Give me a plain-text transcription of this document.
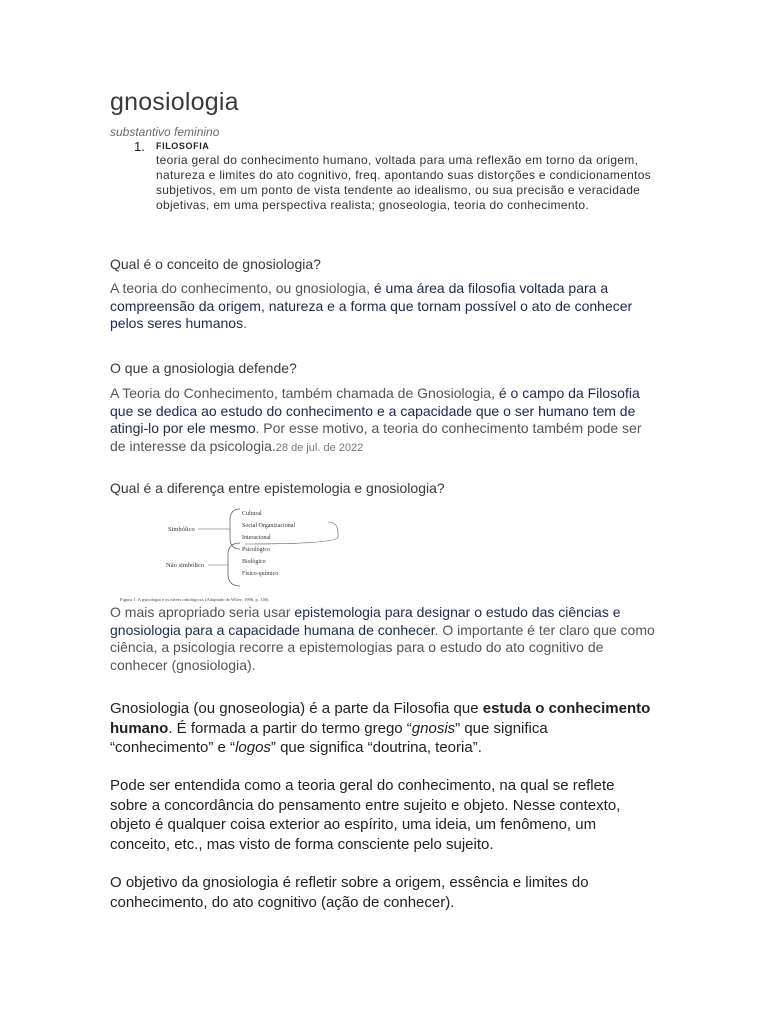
gnosiologia
substantivo feminino
1. FILOSOFIA
teoria geral do conhecimento humano, voltada para uma reflexão em torno da origem, natureza e limites do ato cognitivo, freq. apontando suas distorções e condicionamentos subjetivos, em um ponto de vista tendente ao idealismo, ou sua precisão e veracidade objetivas, em uma perspectiva realista; gnoseologia, teoria do conhecimento.
Qual é o conceito de gnosiologia?
A teoria do conhecimento, ou gnosiologia, é uma área da filosofia voltada para a compreensão da origem, natureza e a forma que tornam possível o ato de conhecer pelos seres humanos.
O que a gnosiologia defende?
A Teoria do Conhecimento, também chamada de Gnosiologia, é o campo da Filosofia que se dedica ao estudo do conhecimento e a capacidade que o ser humano tem de atingi-lo por ele mesmo. Por esse motivo, a teoria do conhecimento também pode ser de interesse da psicologia.28 de jul. de 2022
Qual é a diferença entre epistemologia e gnosiologia?
Simbólico
Não simbólico
Cultural
Social Organizacional
Interacional
Psicológico
Biológico
Físico-químico
Figura 1: A psicologia e os níveis ontológicos (Adaptado de Wilev, 1996, p. 146).
O mais apropriado seria usar epistemologia para designar o estudo das ciências e gnosiologia para a capacidade humana de conhecer. O importante é ter claro que como ciência, a psicologia recorre a epistemologias para o estudo do ato cognitivo de conhecer (gnosiologia).
Gnosiologia (ou gnoseologia) é a parte da Filosofia que estuda o conhecimento humano. É formada a partir do termo grego “gnosis” que significa “conhecimento” e “logos” que significa “doutrina, teoria”.
Pode ser entendida como a teoria geral do conhecimento, na qual se reflete sobre a concordância do pensamento entre sujeito e objeto. Nesse contexto, objeto é qualquer coisa exterior ao espírito, uma ideia, um fenômeno, um conceito, etc., mas visto de forma consciente pelo sujeito.
O objetivo da gnosiologia é refletir sobre a origem, essência e limites do conhecimento, do ato cognitivo (ação de conhecer).
